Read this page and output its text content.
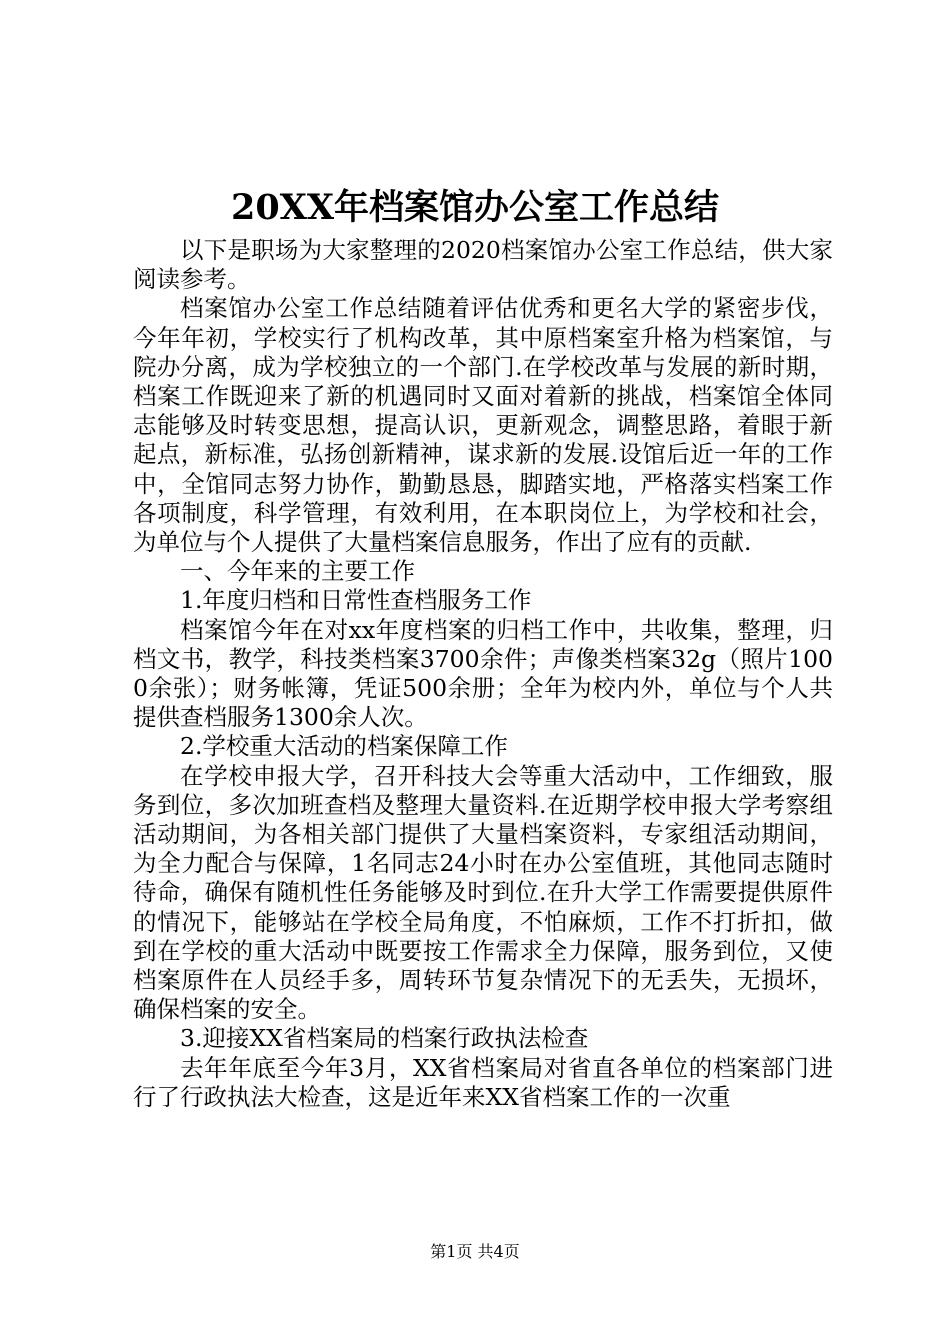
20XX年档案馆办公室工作总结

以下是职场为大家整理的2020档案馆办公室工作总结，供大家阅读参考。

档案馆办公室工作总结随着评估优秀和更名大学的紧密步伐，今年年初，学校实行了机构改革，其中原档案室升格为档案馆，与院办分离，成为学校独立的一个部门.在学校改革与发展的新时期，档案工作既迎来了新的机遇同时又面对着新的挑战，档案馆全体同志能够及时转变思想，提高认识，更新观念，调整思路，着眼于新起点，新标准，弘扬创新精神，谋求新的发展.设馆后近一年的工作中，全馆同志努力协作，勤勤恳恳，脚踏实地，严格落实档案工作各项制度，科学管理，有效利用，在本职岗位上，为学校和社会，为单位与个人提供了大量档案信息服务，作出了应有的贡献.

一、今年来的主要工作

1.年度归档和日常性查档服务工作

档案馆今年在对xx年度档案的归档工作中，共收集，整理，归档文书，教学，科技类档案3700余件；声像类档案32g（照片1000余张）；财务帐簿，凭证500余册；全年为校内外，单位与个人共提供查档服务1300余人次。

2.学校重大活动的档案保障工作

在学校申报大学，召开科技大会等重大活动中，工作细致，服务到位，多次加班查档及整理大量资料.在近期学校申报大学考察组活动期间，为各相关部门提供了大量档案资料，专家组活动期间，为全力配合与保障，1名同志24小时在办公室值班，其他同志随时待命，确保有随机性任务能够及时到位.在升大学工作需要提供原件的情况下，能够站在学校全局角度，不怕麻烦，工作不打折扣，做到在学校的重大活动中既要按工作需求全力保障，服务到位，又使档案原件在人员经手多，周转环节复杂情况下的无丢失，无损坏，确保档案的安全。

3.迎接XX省档案局的档案行政执法检查

去年年底至今年3月，XX省档案局对省直各单位的档案部门进行了行政执法大检查，这是近年来XX省档案工作的一次重

第1页 共4页
